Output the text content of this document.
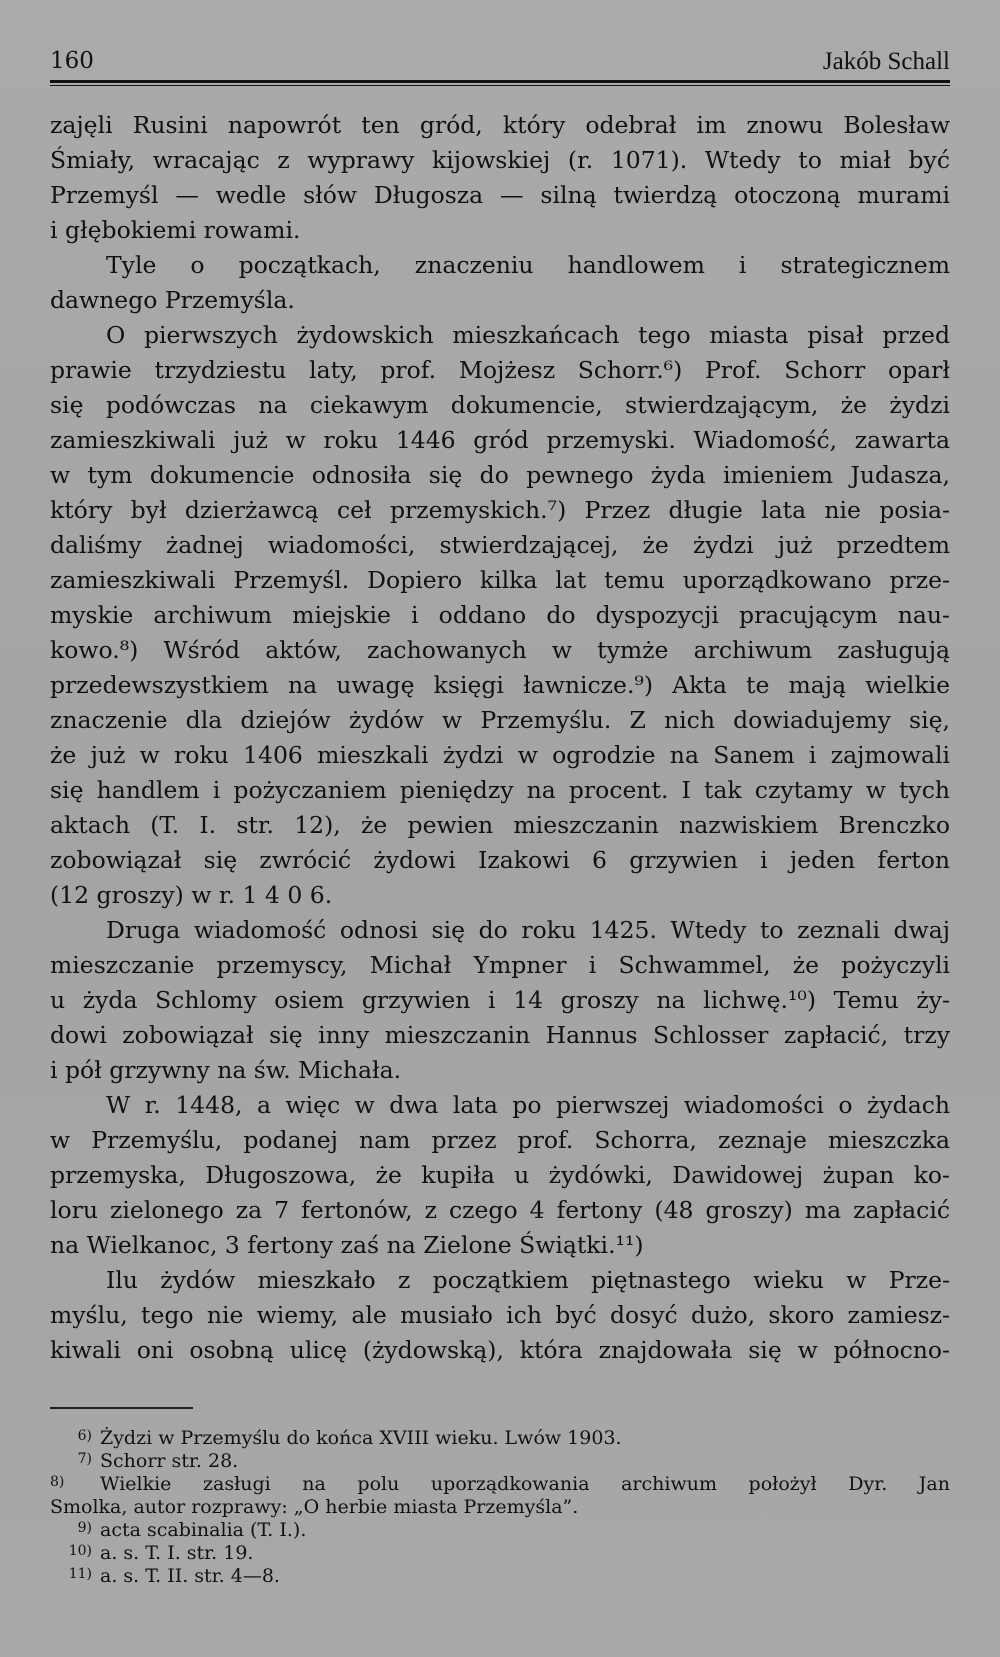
160	Jakób Schall
zajęli Rusini napowrót ten gród, który odebrał im znowu Bolesław
Śmiały, wracając z wyprawy kijowskiej (r. 1071). Wtedy to miał być
Przemyśl — wedle słów Długosza — silną twierdzą otoczoną murami
i głębokiemi rowami.
Tyle o początkach, znaczeniu handlowem i strategicznem
dawnego Przemyśla.
O pierwszych żydowskich mieszkańcach tego miasta pisał przed
prawie trzydziestu laty, prof. Mojżesz Schorr.⁶) Prof. Schorr oparł
się podówczas na ciekawym dokumencie, stwierdzającym, że żydzi
zamieszkiwali już w roku 1446 gród przemyski. Wiadomość, zawarta
w tym dokumencie odnosiła się do pewnego żyda imieniem Judasza,
który był dzierżawcą ceł przemyskich.⁷) Przez długie lata nie posia-
daliśmy żadnej wiadomości, stwierdzającej, że żydzi już przedtem
zamieszkiwali Przemyśl. Dopiero kilka lat temu uporządkowano prze-
myskie archiwum miejskie i oddano do dyspozycji pracującym nau-
kowo.⁸) Wśród aktów, zachowanych w tymże archiwum zasługują
przedewszystkiem na uwagę księgi ławnicze.⁹) Akta te mają wielkie
znaczenie dla dziejów żydów w Przemyślu. Z nich dowiadujemy się,
że już w roku 1406 mieszkali żydzi w ogrodzie na Sanem i zajmowali
się handlem i pożyczaniem pieniędzy na procent. I tak czytamy w tych
aktach (T. I. str. 12), że pewien mieszczanin nazwiskiem Brenczko
zobowiązał się zwrócić żydowi Izakowi 6 grzywien i jeden ferton
(12 groszy) w r. 1 4 0 6.
Druga wiadomość odnosi się do roku 1425. Wtedy to zeznali dwaj
mieszczanie przemyscy, Michał Ympner i Schwammel, że pożyczyli
u żyda Schlomy osiem grzywien i 14 groszy na lichwę.¹⁰) Temu ży-
dowi zobowiązał się inny mieszczanin Hannus Schlosser zapłacić, trzy
i pół grzywny na św. Michała.
W r. 1448, a więc w dwa lata po pierwszej wiadomości o żydach
w Przemyślu, podanej nam przez prof. Schorra, zeznaje mieszczka
przemyska, Długoszowa, że kupiła u żydówki, Dawidowej żupan ko-
loru zielonego za 7 fertonów, z czego 4 fertony (48 groszy) ma zapłacić
na Wielkanoc, 3 fertony zaś na Zielone Świątki.¹¹)
Ilu żydów mieszkało z początkiem piętnastego wieku w Prze-
myślu, tego nie wiemy, ale musiało ich być dosyć dużo, skoro zamiesz-
kiwali oni osobną ulicę (żydowską), która znajdowała się w północno-
6) Żydzi w Przemyślu do końca XVIII wieku. Lwów 1903.
7) Schorr str. 28.
8) Wielkie zasługi na polu uporządkowania archiwum położył Dyr. Jan
Smolka, autor rozprawy: „O herbie miasta Przemyśla”.
9) acta scabinalia (T. I.).
10) a. s. T. I. str. 19.
11) a. s. T. II. str. 4—8.
